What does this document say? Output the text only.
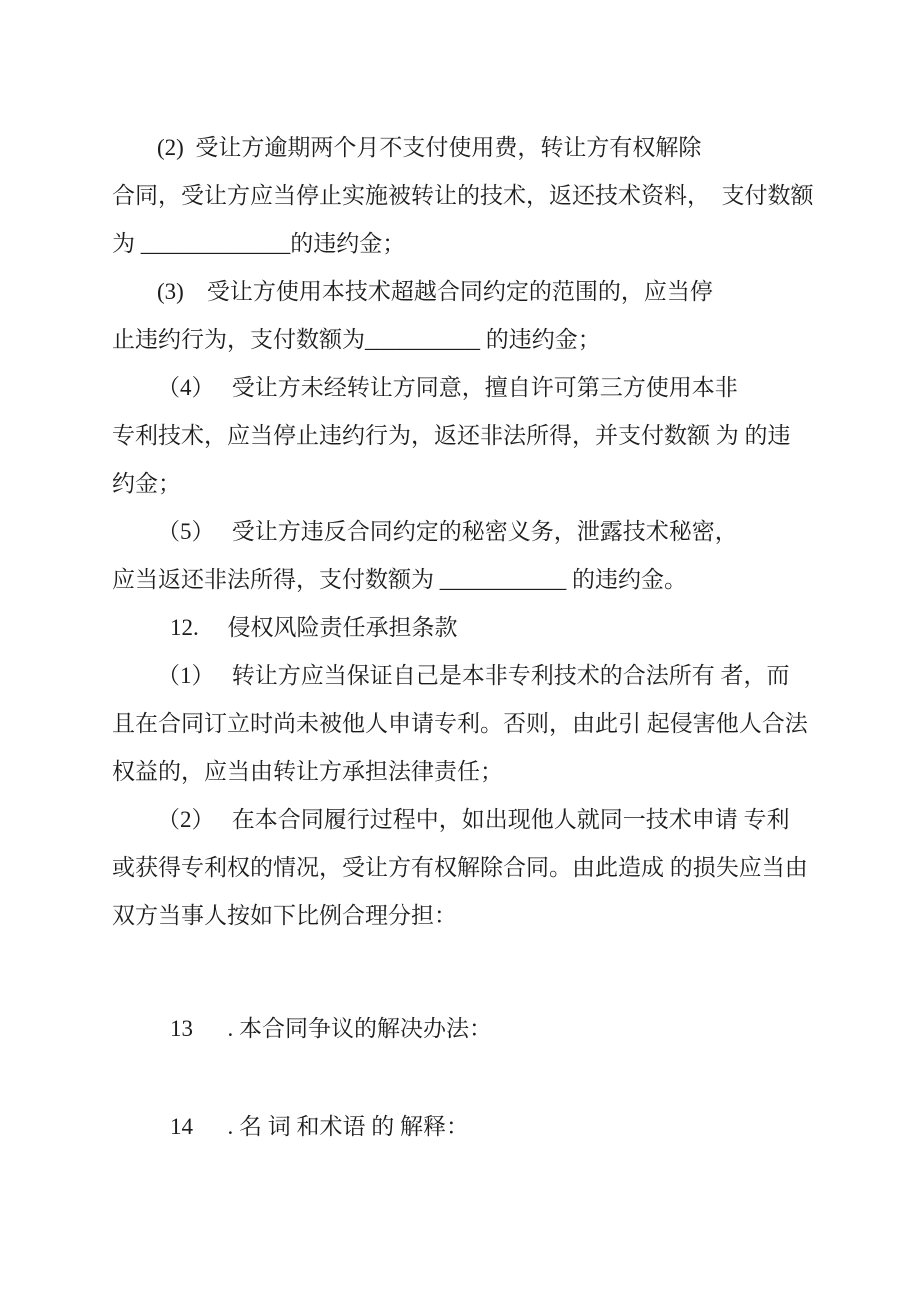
(2)  受让方逾期两个月不支付使用费，转让方有权解除
合同，受让方应当停止实施被转让的技术，返还技术资料，　支付数额
为 _____________的违约金；
(3)　受让方使用本技术超越合同约定的范围的，应当停
止违约行为，支付数额为__________ 的违约金；
（4）　 受让方未经转让方同意，擅自许可第三方使用本非
专利技术，应当停止违约行为，返还非法所得，并支付数额 为 的违
约金；
（5）　 受让方违反合同约定的秘密义务，泄露技术秘密，
应当返还非法所得，支付数额为 ___________ 的违约金。
12.　 侵权风险责任承担条款
（1）　 转让方应当保证自己是本非专利技术的合法所有 者，而
且在合同订立时尚未被他人申请专利。否则，由此引 起侵害他人合法
权益的，应当由转让方承担法律责任；
（2）　 在本合同履行过程中，如出现他人就同一技术申请 专利
或获得专利权的情况，受让方有权解除合同。由此造成 的损失应当由
双方当事人按如下比例合理分担：
13　  . 本合同争议的解决办法：
14　  . 名 词 和术语 的 解释：
